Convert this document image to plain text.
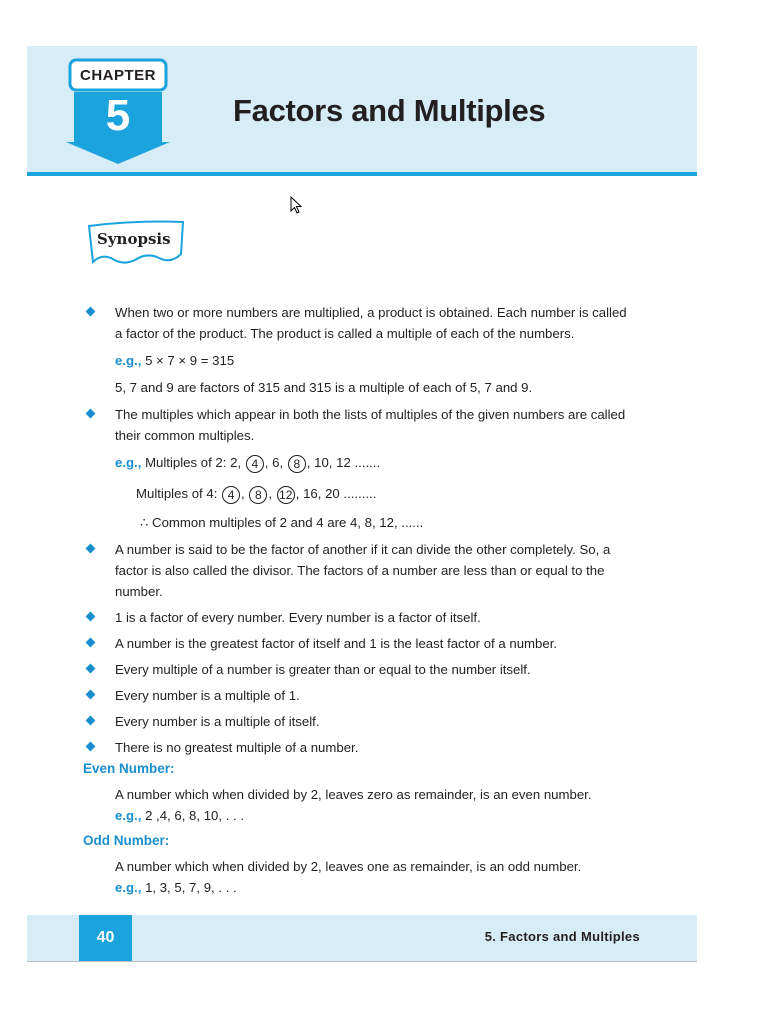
CHAPTER
5	Factors and Multiples
Synopsis
When two or more numbers are multiplied, a product is obtained. Each number is called
a factor of the product. The product is called a multiple of each of the numbers.
e.g., 5 × 7 × 9 = 315
5, 7 and 9 are factors of 315 and 315 is a multiple of each of 5, 7 and 9.
The multiples which appear in both the lists of multiples of the given numbers are called
their common multiples.
e.g., Multiples of 2: 2, 4 , 6, 8 , 10, 12 .......
Multiples of 4: 4 , 8 , 12 , 16, 20 .........
∴ Common multiples of 2 and 4 are 4, 8, 12, ......
A number is said to be the factor of another if it can divide the other completely. So, a
factor is also called the divisor. The factors of a number are less than or equal to the
number.
1 is a factor of every number. Every number is a factor of itself.
A number is the greatest factor of itself and 1 is the least factor of a number.
Every multiple of a number is greater than or equal to the number itself.
Every number is a multiple of 1.
Every number is a multiple of itself.
There is no greatest multiple of a number.
Even Number:
A number which when divided by 2, leaves zero as remainder, is an even number.
e.g., 2 ,4, 6, 8, 10, . . .
Odd Number:
A number which when divided by 2, leaves one as remainder, is an odd number.
e.g., 1, 3, 5, 7, 9, . . .
40	5. Factors and Multiples
